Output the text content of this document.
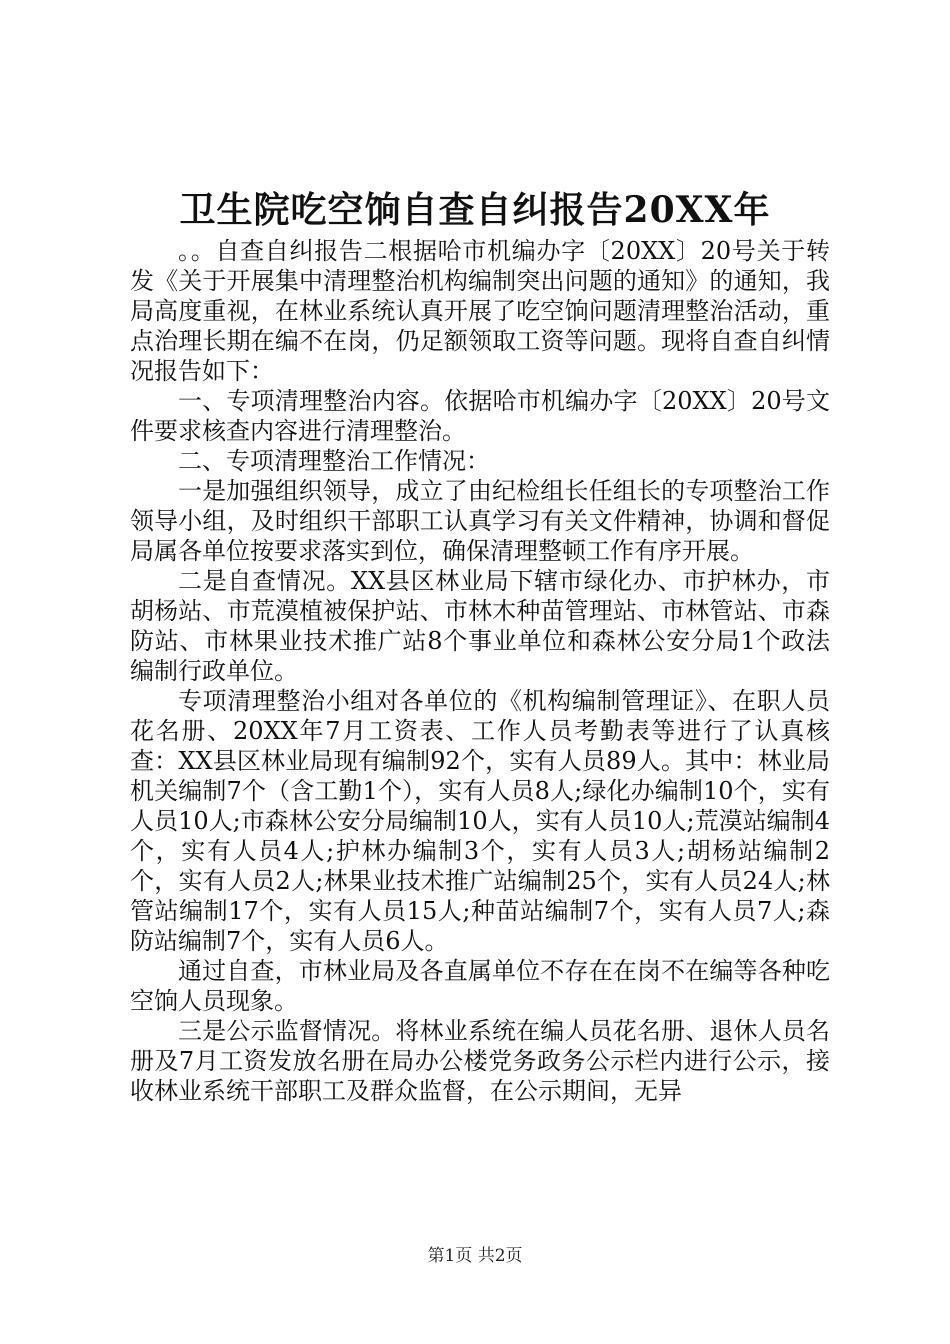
卫生院吃空饷自查自纠报告20XX年

。。自查自纠报告二根据哈市机编办字〔20XX〕20号关于转发《关于开展集中清理整治机构编制突出问题的通知》的通知，我局高度重视，在林业系统认真开展了吃空饷问题清理整治活动，重点治理长期在编不在岗，仍足额领取工资等问题。现将自查自纠情况报告如下：

一、专项清理整治内容。依据哈市机编办字〔20XX〕20号文件要求核查内容进行清理整治。

二、专项清理整治工作情况：

一是加强组织领导，成立了由纪检组长任组长的专项整治工作领导小组，及时组织干部职工认真学习有关文件精神，协调和督促局属各单位按要求落实到位，确保清理整顿工作有序开展。

二是自查情况。XX县区林业局下辖市绿化办、市护林办，市胡杨站、市荒漠植被保护站、市林木种苗管理站、市林管站、市森防站、市林果业技术推广站8个事业单位和森林公安分局1个政法编制行政单位。

专项清理整治小组对各单位的《机构编制管理证》、在职人员花名册、20XX年7月工资表、工作人员考勤表等进行了认真核查：XX县区林业局现有编制92个，实有人员89人。其中：林业局机关编制7个（含工勤1个），实有人员8人;绿化办编制10个，实有人员10人;市森林公安分局编制10人，实有人员10人;荒漠站编制4个，实有人员4人;护林办编制3个，实有人员3人;胡杨站编制2个，实有人员2人;林果业技术推广站编制25个，实有人员24人;林管站编制17个，实有人员15人;种苗站编制7个，实有人员7人;森防站编制7个，实有人员6人。

通过自查，市林业局及各直属单位不存在在岗不在编等各种吃空饷人员现象。

三是公示监督情况。将林业系统在编人员花名册、退休人员名册及7月工资发放名册在局办公楼党务政务公示栏内进行公示，接收林业系统干部职工及群众监督，在公示期间，无异

第1页 共2页
